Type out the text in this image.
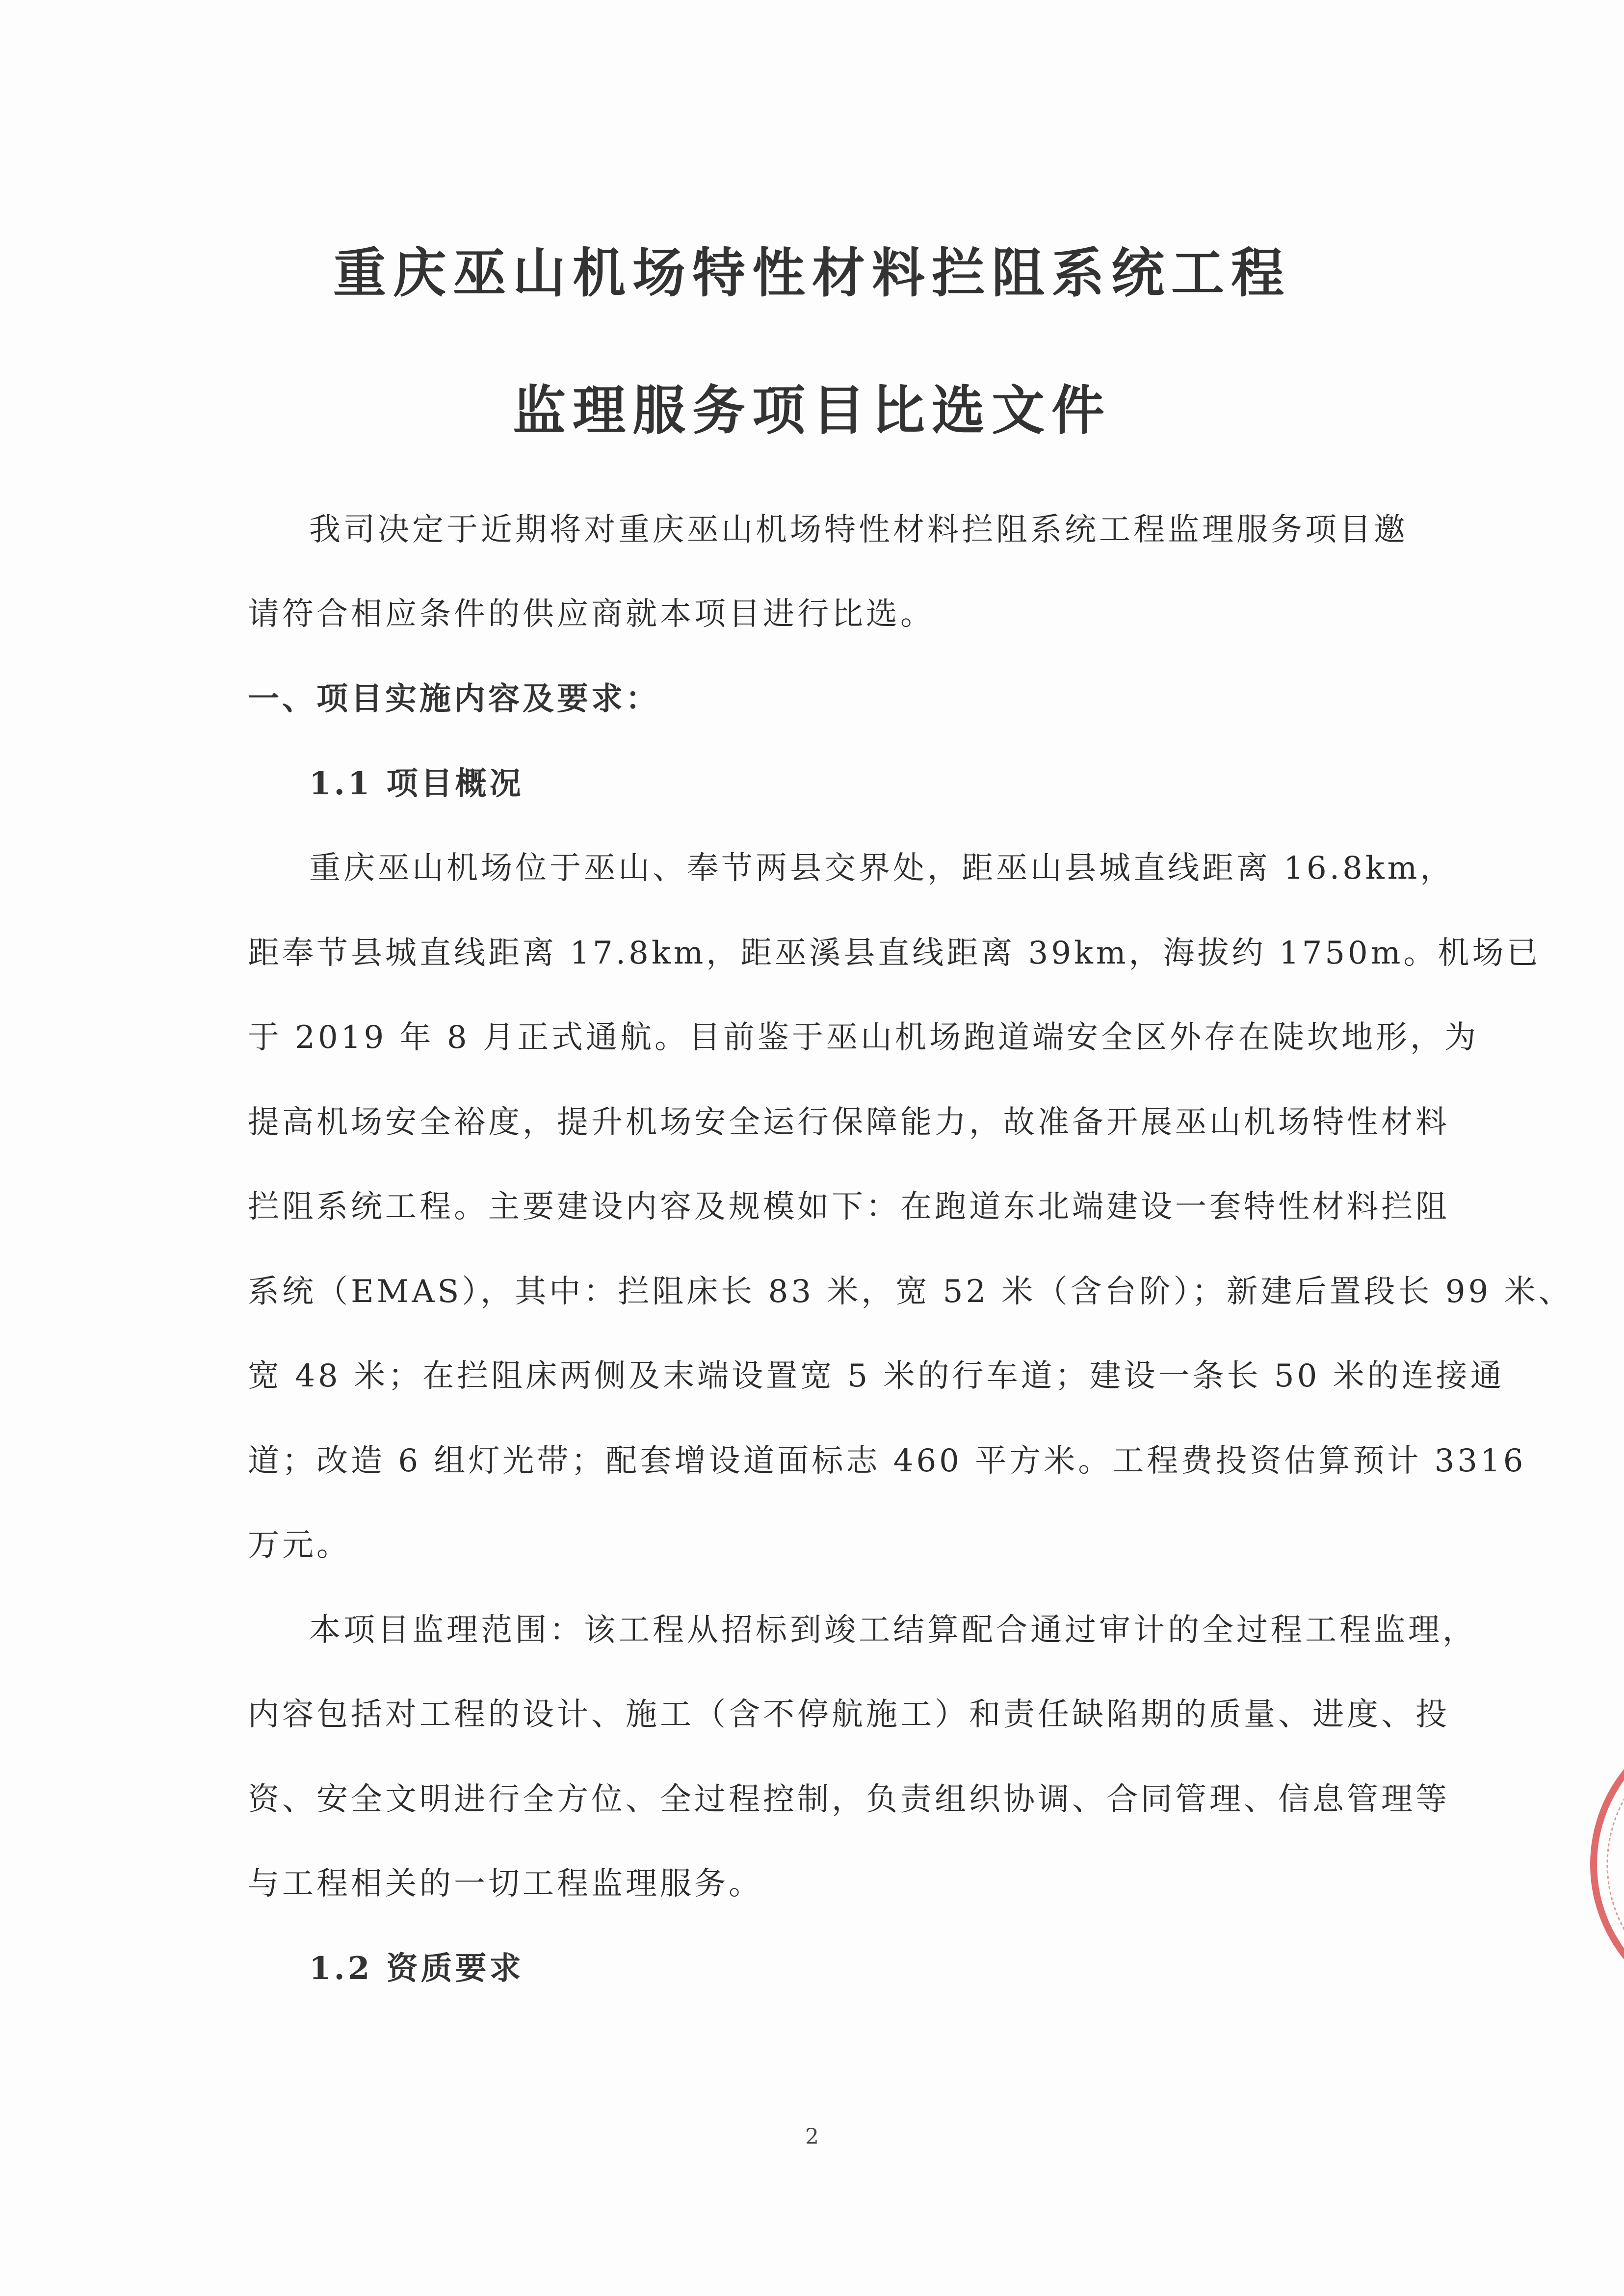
重庆巫山机场特性材料拦阻系统工程
监理服务项目比选文件

我司决定于近期将对重庆巫山机场特性材料拦阻系统工程监理服务项目邀

请符合相应条件的供应商就本项目进行比选。

一、项目实施内容及要求：

1.1 项目概况

重庆巫山机场位于巫山、奉节两县交界处，距巫山县城直线距离 16.8km，

距奉节县城直线距离 17.8km，距巫溪县直线距离 39km，海拔约 1750m。机场已

于 2019 年 8 月正式通航。目前鉴于巫山机场跑道端安全区外存在陡坎地形，为

提高机场安全裕度，提升机场安全运行保障能力，故准备开展巫山机场特性材料

拦阻系统工程。主要建设内容及规模如下：在跑道东北端建设一套特性材料拦阻

系统（EMAS），其中：拦阻床长 83 米，宽 52 米（含台阶）；新建后置段长 99 米、

宽 48 米；在拦阻床两侧及末端设置宽 5 米的行车道；建设一条长 50 米的连接通

道；改造 6 组灯光带；配套增设道面标志 460 平方米。工程费投资估算预计 3316

万元。

本项目监理范围：该工程从招标到竣工结算配合通过审计的全过程工程监理，

内容包括对工程的设计、施工（含不停航施工）和责任缺陷期的质量、进度、投

资、安全文明进行全方位、全过程控制，负责组织协调、合同管理、信息管理等

与工程相关的一切工程监理服务。

1.2 资质要求

2
